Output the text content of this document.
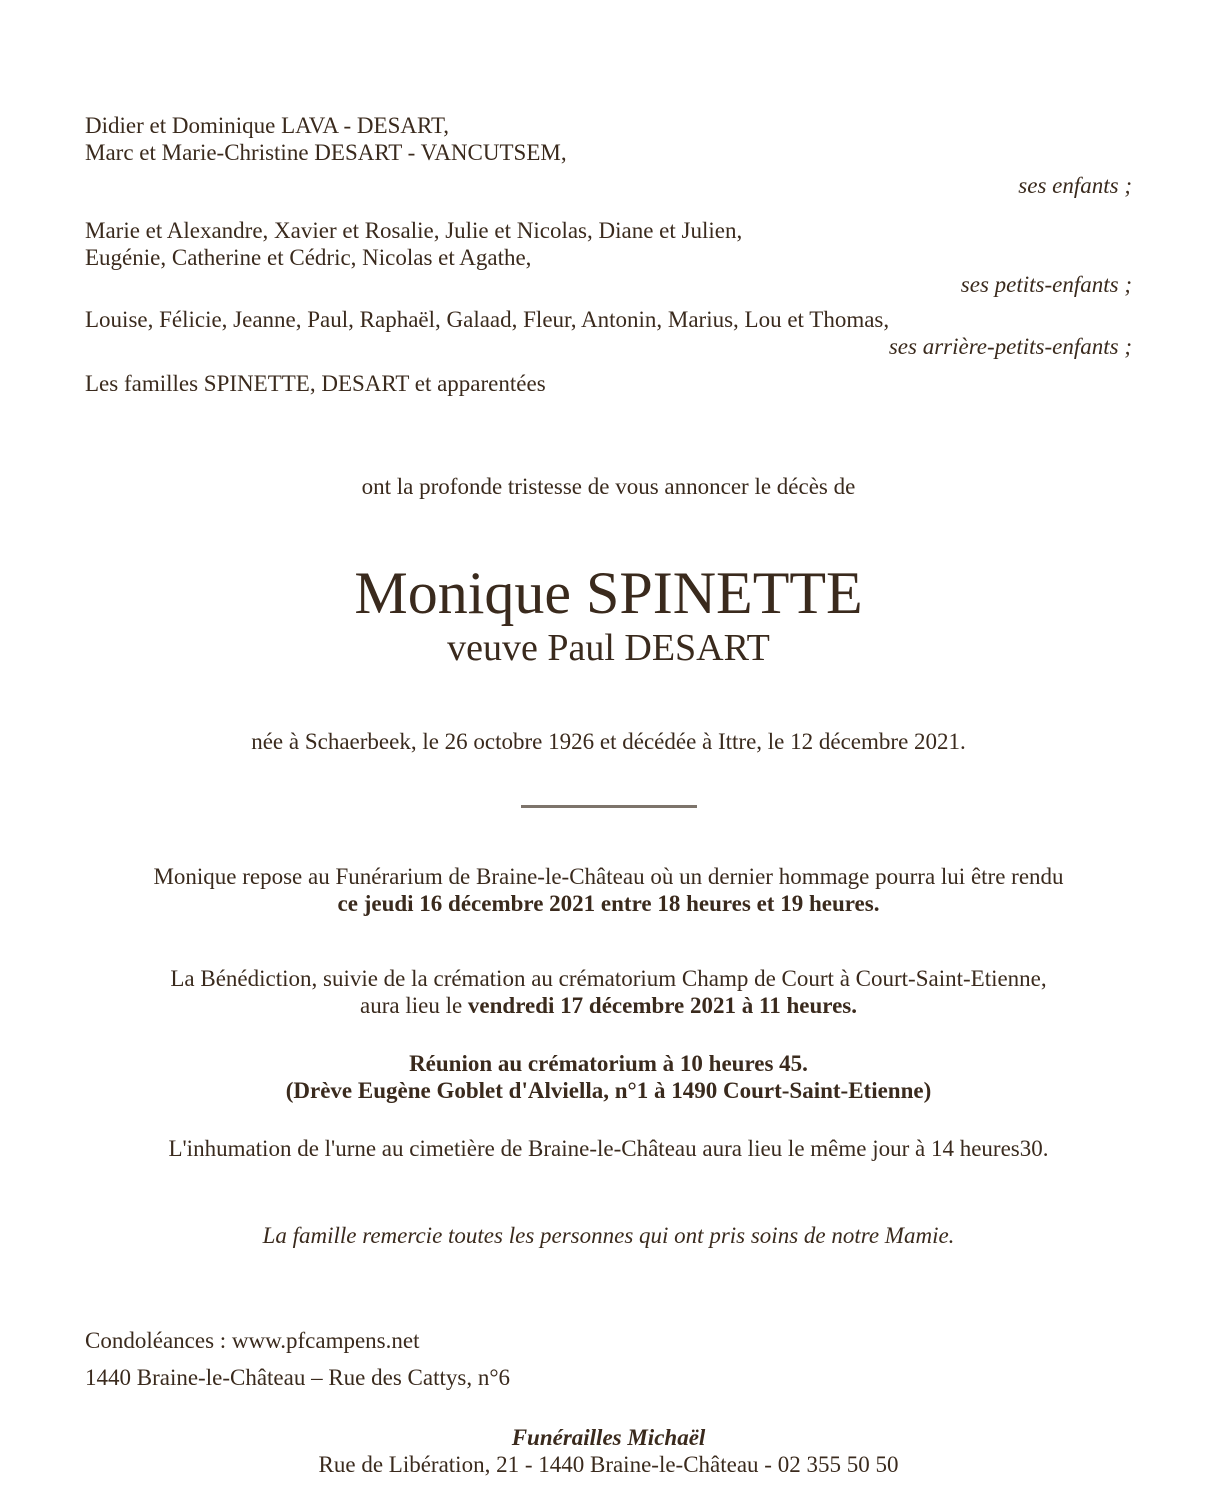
Didier et Dominique LAVA - DESART,
Marc et Marie-Christine DESART - VANCUTSEM,
ses enfants ;
Marie et Alexandre, Xavier et Rosalie, Julie et Nicolas, Diane et Julien,
Eugénie, Catherine et Cédric, Nicolas et Agathe,
ses petits-enfants ;
Louise, Félicie, Jeanne, Paul, Raphaël, Galaad, Fleur, Antonin, Marius, Lou et Thomas,
ses arrière-petits-enfants ;
Les familles SPINETTE, DESART et apparentées
ont la profonde tristesse de vous annoncer le décès de
Monique SPINETTE
veuve Paul DESART
née à Schaerbeek, le 26 octobre 1926 et décédée à Ittre, le 12 décembre 2021.
Monique repose au Funérarium de Braine-le-Château où un dernier hommage pourra lui être rendu
ce jeudi 16 décembre 2021 entre 18 heures et 19 heures.
La Bénédiction, suivie de la crémation au crématorium Champ de Court à Court-Saint-Etienne,
aura lieu le vendredi 17 décembre 2021 à 11 heures.
Réunion au crématorium à 10 heures 45.
(Drève Eugène Goblet d'Alviella, n°1 à 1490 Court-Saint-Etienne)
L'inhumation de l'urne au cimetière de Braine-le-Château aura lieu le même jour à 14 heures30.
La famille remercie toutes les personnes qui ont pris soins de notre Mamie.
Condoléances : www.pfcampens.net
1440 Braine-le-Château – Rue des Cattys, n°6
Funérailles Michaël
Rue de Libération, 21 - 1440 Braine-le-Château - 02 355 50 50
